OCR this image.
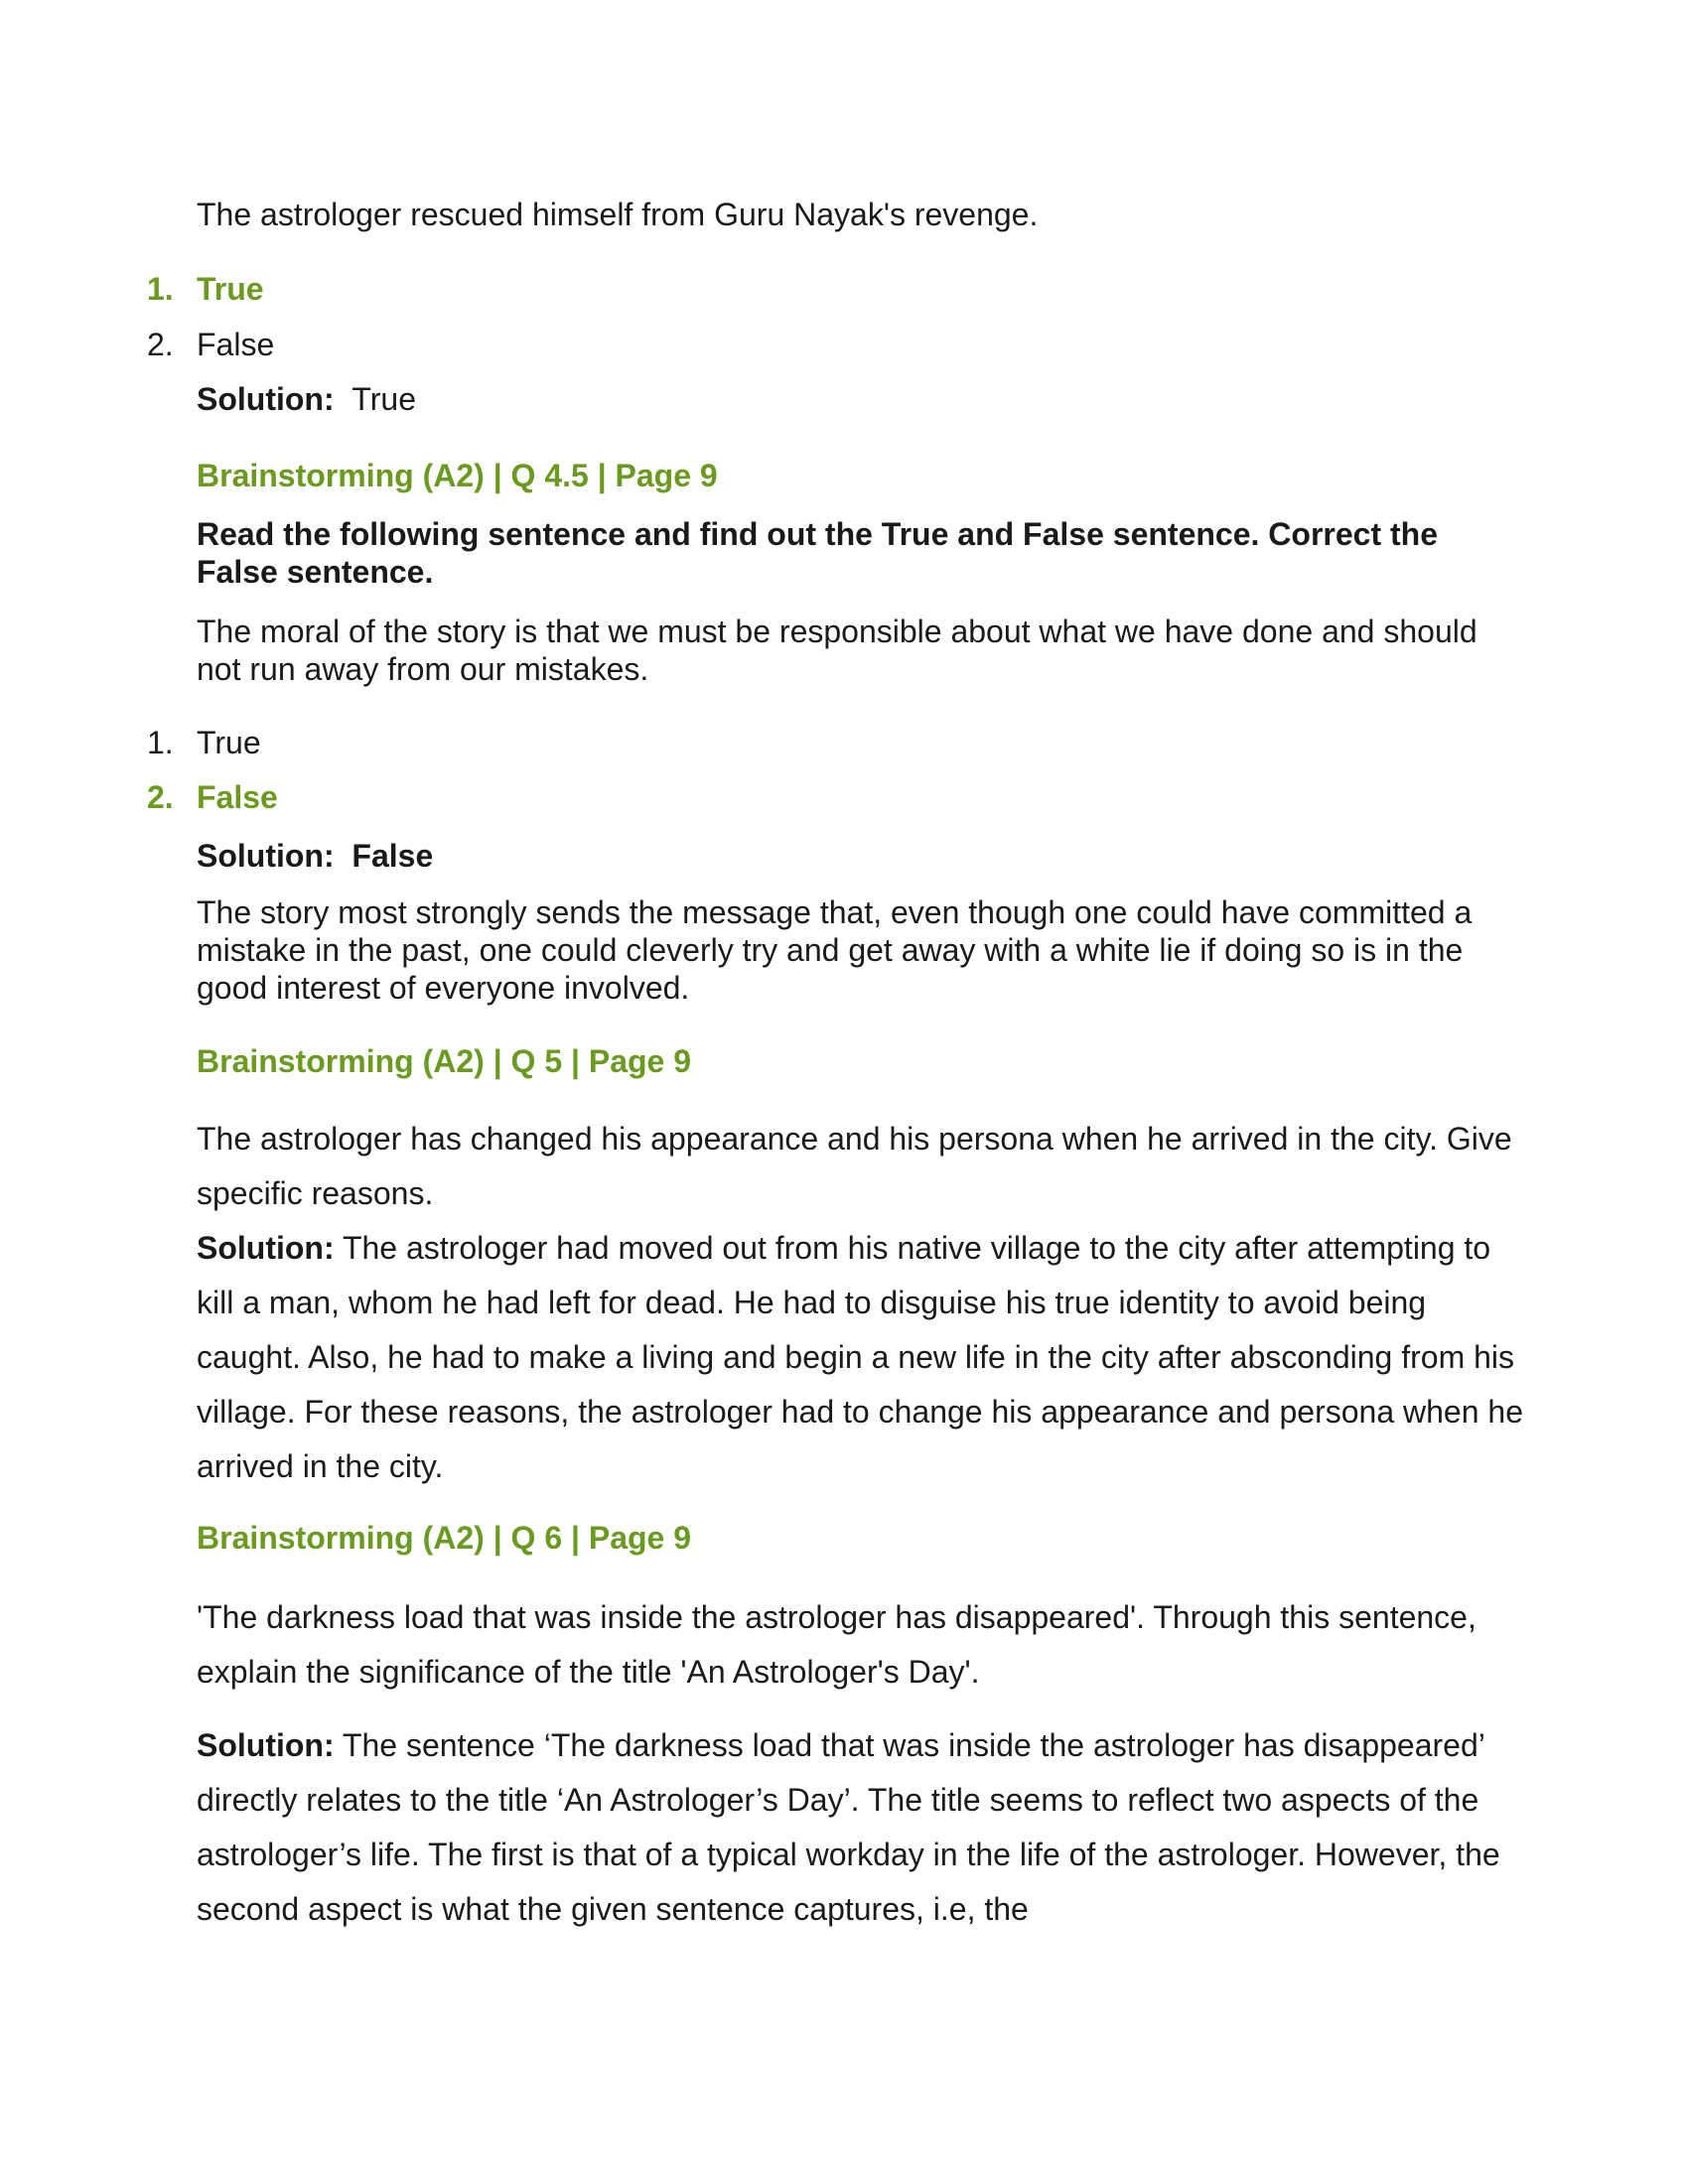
The astrologer rescued himself from Guru Nayak's revenge.
1. True
2. False
Solution: True
Brainstorming (A2) | Q 4.5 | Page 9
Read the following sentence and find out the True and False sentence. Correct the False sentence.
The moral of the story is that we must be responsible about what we have done and should not run away from our mistakes.
1. True
2. False
Solution: False
The story most strongly sends the message that, even though one could have committed a mistake in the past, one could cleverly try and get away with a white lie if doing so is in the good interest of everyone involved.
Brainstorming (A2) | Q 5 | Page 9
The astrologer has changed his appearance and his persona when he arrived in the city. Give specific reasons.
Solution: The astrologer had moved out from his native village to the city after attempting to kill a man, whom he had left for dead. He had to disguise his true identity to avoid being caught. Also, he had to make a living and begin a new life in the city after absconding from his village. For these reasons, the astrologer had to change his appearance and persona when he arrived in the city.
Brainstorming (A2) | Q 6 | Page 9
'The darkness load that was inside the astrologer has disappeared'. Through this sentence, explain the significance of the title 'An Astrologer's Day'.
Solution: The sentence ‘The darkness load that was inside the astrologer has disappeared’ directly relates to the title ‘An Astrologer’s Day’. The title seems to reflect two aspects of the astrologer’s life. The first is that of a typical workday in the life of the astrologer. However, the second aspect is what the given sentence captures, i.e, the
